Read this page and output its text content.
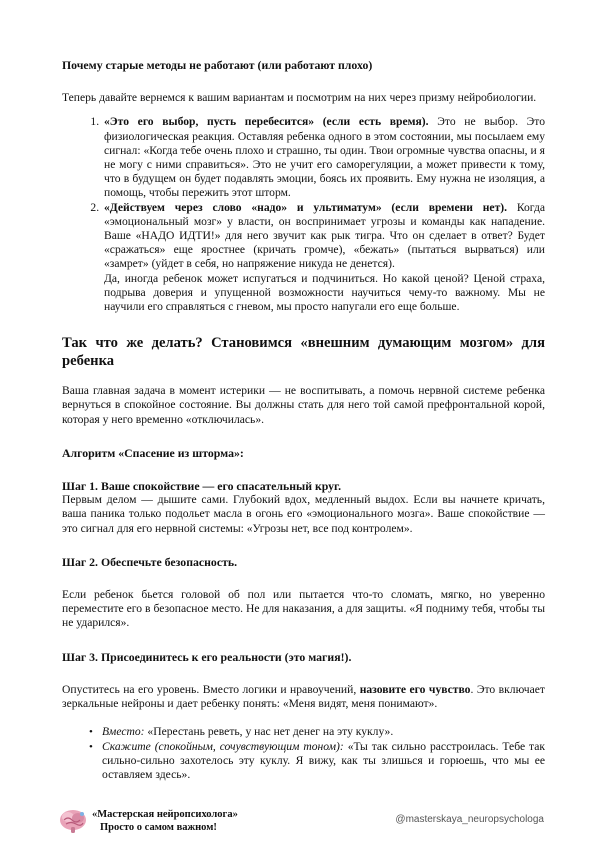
Почему старые методы не работают (или работают плохо)

Теперь давайте вернемся к вашим вариантам и посмотрим на них через призму нейробиологии.

1. «Это его выбор, пусть перебесится» (если есть время). Это не выбор. Это физиологическая реакция. Оставляя ребенка одного в этом состоянии, мы посылаем ему сигнал: «Когда тебе очень плохо и страшно, ты один. Твои огромные чувства опасны, и я не могу с ними справиться». Это не учит его саморегуляции, а может привести к тому, что в будущем он будет подавлять эмоции, боясь их проявить. Ему нужна не изоляция, а помощь, чтобы пережить этот шторм.
2. «Действуем через слово «надо» и ультиматум» (если времени нет). Когда «эмоциональный мозг» у власти, он воспринимает угрозы и команды как нападение. Ваше «НАДО ИДТИ!» для него звучит как рык тигра. Что он сделает в ответ? Будет «сражаться» еще яростнее (кричать громче), «бежать» (пытаться вырваться) или «замрет» (уйдет в себя, но напряжение никуда не денется).

Да, иногда ребенок может испугаться и подчиниться. Но какой ценой? Ценой страха, подрыва доверия и упущенной возможности научиться чему-то важному. Мы не научили его справляться с гневом, мы просто напугали его еще больше.

Так что же делать? Становимся «внешним думающим мозгом» для ребенка

Ваша главная задача в момент истерики — не воспитывать, а помочь нервной системе ребенка вернуться в спокойное состояние. Вы должны стать для него той самой префронтальной корой, которая у него временно «отключилась».

Алгоритм «Спасение из шторма»:

Шаг 1. Ваше спокойствие — его спасательный круг.

Первым делом — дышите сами. Глубокий вдох, медленный выдох. Если вы начнете кричать, ваша паника только подольет масла в огонь его «эмоционального мозга». Ваше спокойствие — это сигнал для его нервной системы: «Угрозы нет, все под контролем».

Шаг 2. Обеспечьте безопасность.

Если ребенок бьется головой об пол или пытается что-то сломать, мягко, но уверенно переместите его в безопасное место. Не для наказания, а для защиты. «Я подниму тебя, чтобы ты не ударился».

Шаг 3. Присоединитесь к его реальности (это магия!).

Опуститесь на его уровень. Вместо логики и нравоучений, назовите его чувство. Это включает зеркальные нейроны и дает ребенку понять: «Меня видят, меня понимают».

• Вместо: «Перестань реветь, у нас нет денег на эту куклу».
• Скажите (спокойным, сочувствующим тоном): «Ты так сильно расстроилась. Тебе так сильно-сильно захотелось эту куклу. Я вижу, как ты злишься и горюешь, что мы ее оставляем здесь».
«Мастерская нейропсихолога»
Просто о самом важном!
@masterskaya_neuropsychologa
